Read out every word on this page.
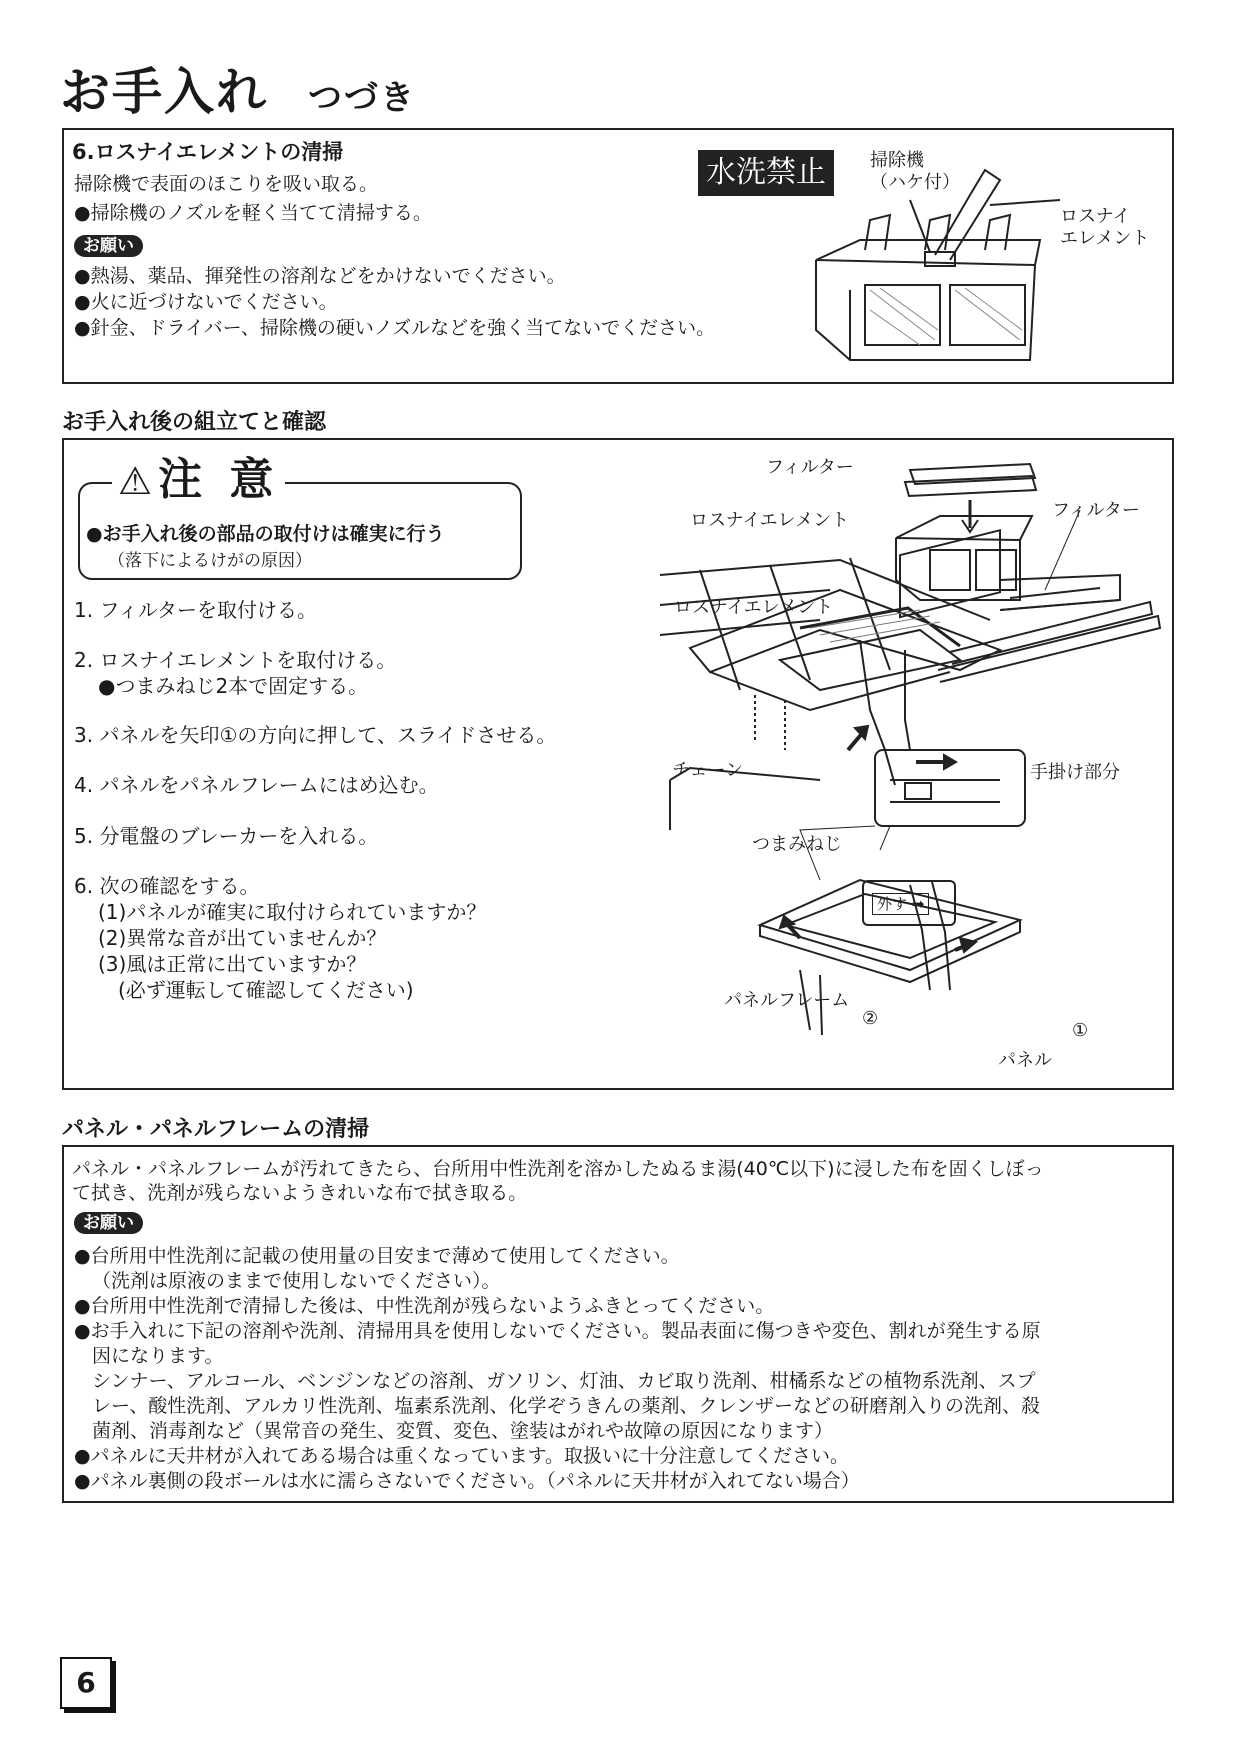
お手入れ つづき
6.ロスナイエレメントの清掃
掃除機で表面のほこりを吸い取る。
●掃除機のノズルを軽く当てて清掃する。
お願い
●熱湯、薬品、揮発性の溶剤などをかけないでください。
●火に近づけないでください。
●針金、ドライバー、掃除機の硬いノズルなどを強く当てないでください。
水洗禁止	掃除機
（ハケ付）
ロスナイ
エレメント
お手入れ後の組立てと確認
⚠注 意
●お手入れ後の部品の取付けは確実に行う
（落下によるけがの原因）
1. フィルターを取付ける。
2. ロスナイエレメントを取付ける。
●つまみねじ2本で固定する。
3. パネルを矢印①の方向に押して、スライドさせる。
4. パネルをパネルフレームにはめ込む。
5. 分電盤のブレーカーを入れる。
6. 次の確認をする。
(1)パネルが確実に取付けられていますか？
(2)異常な音が出ていませんか？
(3)風は正常に出ていますか？
(必ず運転して確認してください)
フィルター
ロスナイエレメント	フィルター
ロスナイエレメント
チェーン	手掛け部分
つまみねじ
パネルフレーム
②
①
パネル
外す ➡
パネル・パネルフレームの清掃
パネル・パネルフレームが汚れてきたら、台所用中性洗剤を溶かしたぬるま湯(40℃以下)に浸した布を固くしぼっ
て拭き、洗剤が残らないようきれいな布で拭き取る。
お願い
●台所用中性洗剤に記載の使用量の目安まで薄めて使用してください。
（洗剤は原液のままで使用しないでください）。
●台所用中性洗剤で清掃した後は、中性洗剤が残らないようふきとってください。
●お手入れに下記の溶剤や洗剤、清掃用具を使用しないでください。製品表面に傷つきや変色、割れが発生する原
因になります。
シンナー、アルコール、ベンジンなどの溶剤、ガソリン、灯油、カビ取り洗剤、柑橘系などの植物系洗剤、スプ
レー、酸性洗剤、アルカリ性洗剤、塩素系洗剤、化学ぞうきんの薬剤、クレンザーなどの研磨剤入りの洗剤、殺
菌剤、消毒剤など（異常音の発生、変質、変色、塗装はがれや故障の原因になります）
●パネルに天井材が入れてある場合は重くなっています。取扱いに十分注意してください。
●パネル裏側の段ボールは水に濡らさないでください。（パネルに天井材が入れてない場合）
6
